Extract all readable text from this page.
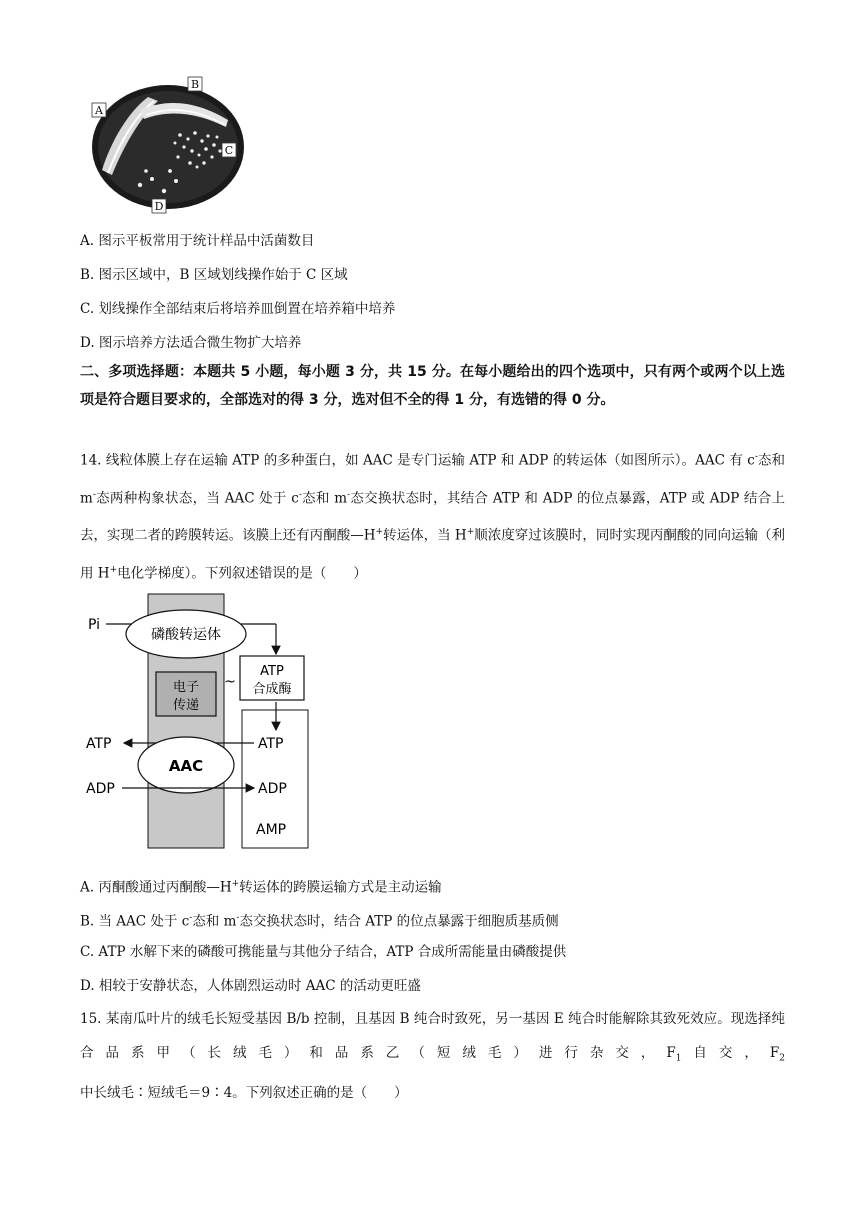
A
B
C
D
A. 图示平板常用于统计样品中活菌数目
B. 图示区域中，B 区域划线操作始于 C 区域
C. 划线操作全部结束后将培养皿倒置在培养箱中培养
D. 图示培养方法适合微生物扩大培养
二、多项选择题：本题共 5 小题，每小题 3 分，共 15 分。在每小题给出的四个选项中，只有两个或两个以上选项是符合题目要求的，全部选对的得 3 分，选对但不全的得 1 分，有选错的得 0 分。
14. 线粒体膜上存在运输 ATP 的多种蛋白，如 AAC 是专门运输 ATP 和 ADP 的转运体（如图所示）。AAC 有 c-态和 m-态两种构象状态，当 AAC 处于 c-态和 m-态交换状态时，其结合 ATP 和 ADP 的位点暴露，ATP 或 ADP 结合上去，实现二者的跨膜转运。该膜上还有丙酮酸—H+转运体，当 H+顺浓度穿过该膜时，同时实现丙酮酸的同向运输（利用 H+电化学梯度）。下列叙述错误的是（　　）
Pi
磷酸转运体
ATP
合成酶
电子
传递
~
ATP	ATP
AAC
ADP	ADP
AMP
A. 丙酮酸通过丙酮酸—H+转运体的跨膜运输方式是主动运输
B. 当 AAC 处于 c-态和 m-态交换状态时，结合 ATP 的位点暴露于细胞质基质侧
C. ATP 水解下来的磷酸可携能量与其他分子结合，ATP 合成所需能量由磷酸提供
D. 相较于安静状态，人体剧烈运动时 AAC 的活动更旺盛
15. 某南瓜叶片的绒毛长短受基因 B/b 控制，且基因 B 纯合时致死，另一基因 E 纯合时能解除其致死效应。现选择纯合品系甲（长绒毛）和品系乙（短绒毛）进行杂交，$F_1$自交，$F_2$中长绒毛∶短绒毛＝9∶4。下列叙述正确的是（　　）
